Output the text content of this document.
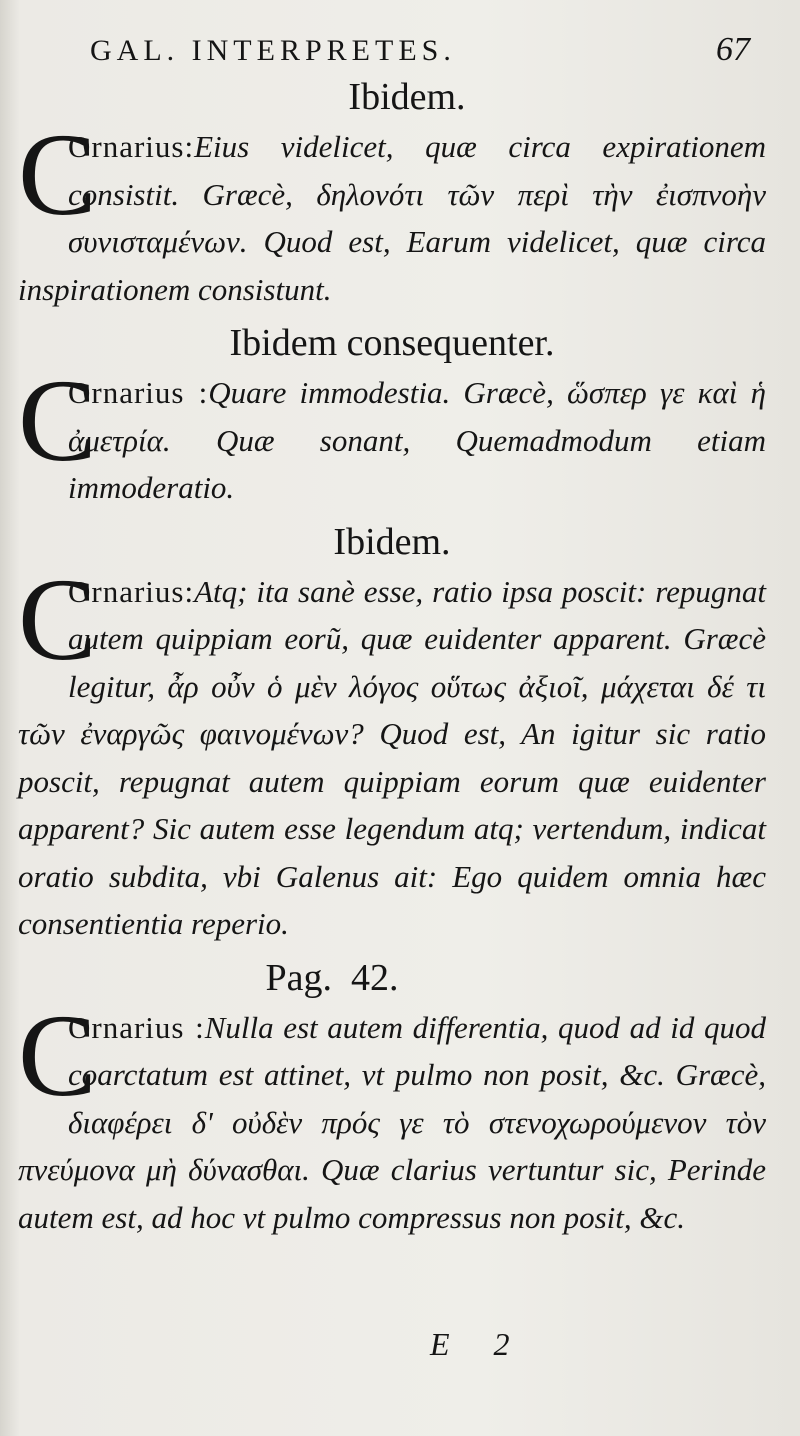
GAL. INTERPRETES.	67
Ibidem.
C

Ornarius:Eius videlicet, quæ circa expirationem consistit. Græcè, δηλονότι τῶν περὶ τὴν ἐισπνοὴν συνισταμένων. Quod est, Earum videlicet, quæ circa inspirationem consistunt.

Ibidem consequenter.
C

Ornarius :Quare immodestia. Græcè, ὥσπερ γε καὶ ἡ ἀμετρία. Quæ sonant, Quemadmodum etiam immoderatio.

Ibidem.
C

Ornarius:Atq; ita sanè esse, ratio ipsa poscit: repugnat autem quippiam eorũ, quæ euidenter apparent. Græcè legitur, ἆρ οὖν ὁ μὲν λόγος οὕτως ἀξιοῖ, μάχεται δέ τι τῶν ἐναργῶς φαινομένων? Quod est, An igitur sic ratio poscit, repugnat autem quippiam eorum quæ euidenter apparent? Sic autem esse legendum atq; vertendum, indicat oratio subdita, vbi Galenus ait: Ego quidem omnia hæc consentientia reperio.

Pag.  42.
C

Ornarius :Nulla est autem differentia, quod ad id quod coarctatum est attinet, vt pulmo non posit, &c. Græcè, διαφέρει δ' οὐδὲν πρός γε τὸ στενοχωρούμενον τὸν πνεύμονα μὴ δύνασθαι. Quæ clarius vertuntur sic, Perinde autem est, ad hoc vt pulmo compressus non posit, &c.

E 2
